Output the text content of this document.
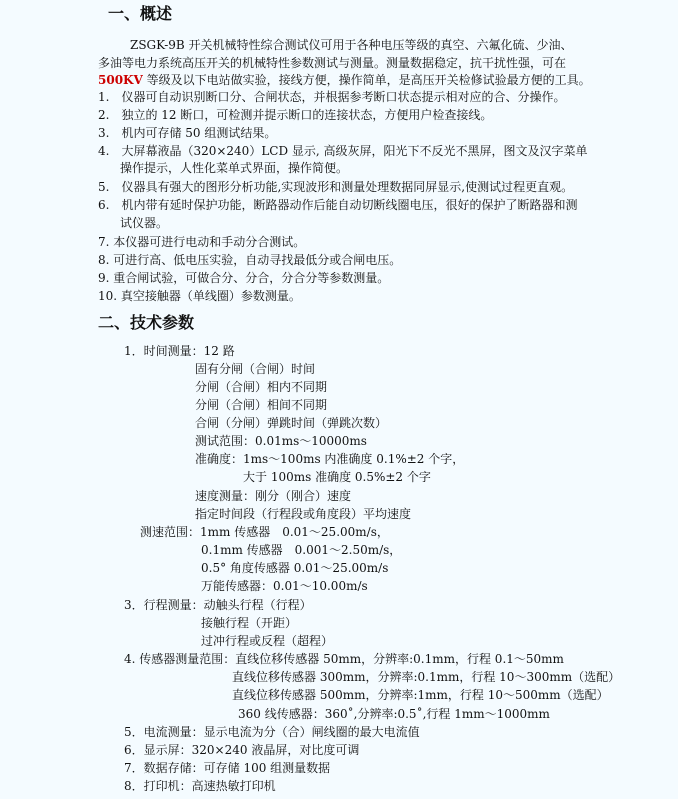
一、概述
ZSGK-9B 开关机械特性综合测试仪可用于各种电压等级的真空、六氟化硫、少油、
多油等电力系统高压开关的机械特性参数测试与测量。测量数据稳定，抗干扰性强，可在
500KV 等级及以下电站做实验，接线方便，操作简单，是高压开关检修试验最方便的工具。
1.　仪器可自动识别断口分、合闸状态，并根据参考断口状态提示相对应的合、分操作。
2.　独立的 12 断口，可检测并提示断口的连接状态，方便用户检查接线。
3.　机内可存储 50 组测试结果。
4.　大屏幕液晶（320×240）LCD 显示, 高级灰屏，阳光下不反光不黑屏，图文及汉字菜单
操作提示，人性化菜单式界面，操作简便。
5.　仪器具有强大的图形分析功能,实现波形和测量处理数据同屏显示,使测试过程更直观。
6.　机内带有延时保护功能，断路器动作后能自动切断线圈电压，很好的保护了断路器和测
试仪器。
7. 本仪器可进行电动和手动分合测试。
8. 可进行高、低电压实验，自动寻找最低分或合闸电压。
9. 重合闸试验，可做合分、分合，分合分等参数测量。
10. 真空接触器（单线圈）参数测量。
二、技术参数
1．时间测量：12 路
固有分闸（合闸）时间
分闸（合闸）相内不同期
分闸（合闸）相间不同期
合闸（分闸）弹跳时间（弹跳次数）
测试范围：0.01ms～10000ms
准确度：1ms～100ms 内准确度 0.1%±2 个字，
大于 100ms 准确度 0.5%±2 个字
速度测量：刚分（刚合）速度
指定时间段（行程段或角度段）平均速度
测速范围：1mm 传感器　0.01～25.00m/s，
0.1mm 传感器　0.001～2.50m/s，
0.5° 角度传感器 0.01～25.00m/s
万能传感器：0.01～10.00m/s
3．行程测量：动触头行程（行程）
接触行程（开距）
过冲行程或反程（超程）
4. 传感器测量范围：直线位移传感器 50mm，分辨率:0.1mm，行程 0.1～50mm
直线位移传感器 300mm，分辨率:0.1mm，行程 10～300mm（选配）
直线位移传感器 500mm，分辨率:1mm，行程 10～500mm（选配）
360 线传感器：360˚,分辨率:0.5˚,行程 1mm～1000mm
5．电流测量：显示电流为分（合）闸线圈的最大电流值
6．显示屏：320×240 液晶屏，对比度可调
7．数据存储：可存储 100 组测量数据
8．打印机：高速热敏打印机
